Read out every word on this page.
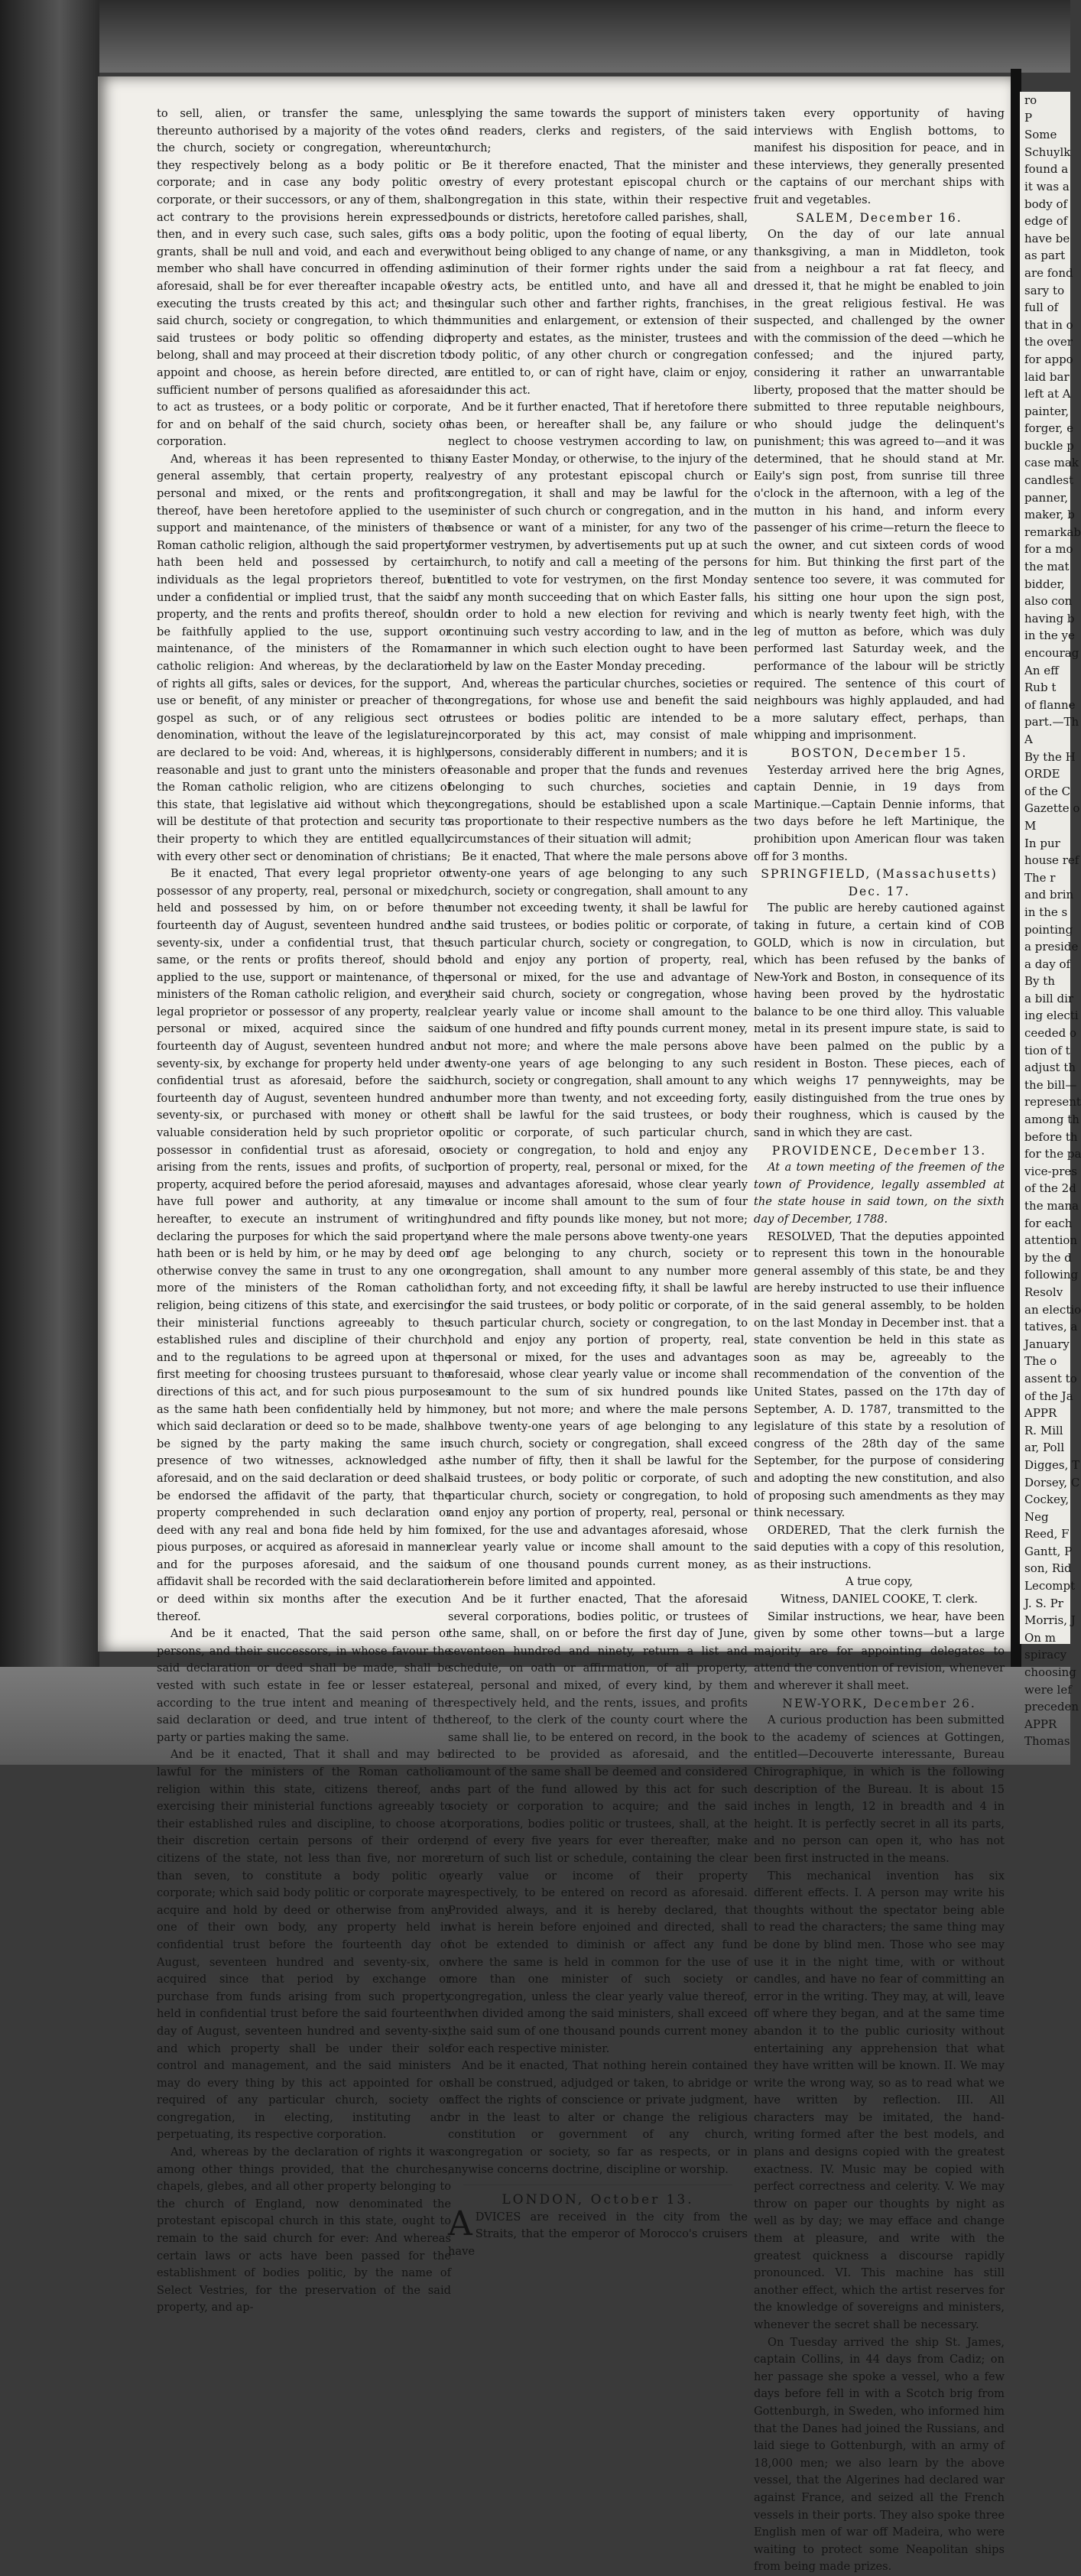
ro
P
Some
Schuylk
found a
it was a
body of
edge of
have be
as part
are fond
sary to
full of
that in o
the over
for appo
laid bar
left at A
painter,
forger, e
buckle p
case mak
candlest
panner,
maker, b
remarkab
for a mo
the mat
bidder,
also con
having b
in the ye
encourag
An eff
Rub t
of flanne
part.—Th
A
By the H
ORDE
of the C
Gazette o
M
In pur
house ref
The r
and brin
in the s
pointing
a preside
a day of
By th
a bill dir
ing electi
ceeded o
tion of t
adjust th
the bill—
represent
among th
before th
for the pa
vice-pres
of the 2d
the mana
for each
attention
by the d
following
Resolv
an electio
tatives, a
January
The o
assent to
of the Ja
APPR
R. Mill
ar, Poll
Digges, T
Dorsey, C
Cockey,
Neg
Reed, F
Gantt, P
son, Rid
Lecompt
J. S. Pr
Morris, J
On m
spiracy
choosing
were lef
preceden
APPR
Thomas

to sell, alien, or transfer the same, unless thereunto authorised by a majority of the votes of the church, society or congregation, whereunto they respectively belong as a body politic or corporate; and in case any body politic or corporate, or their successors, or any of them, shall act contrary to the provisions herein expressed, then, and in every such case, such sales, gifts or grants, shall be null and void, and each and every member who shall have concurred in offending as aforesaid, shall be for ever thereafter incapable of executing the trusts created by this act; and the said church, society or congregation, to which the said trustees or body politic so offending did belong, shall and may proceed at their discretion to appoint and choose, as herein before directed, a sufficient number of persons qualified as aforesaid to act as trustees, or a body politic or corporate, for and on behalf of the said church, society or corporation.

And, whereas it has been represented to this general assembly, that certain property, real, personal and mixed, or the rents and profits thereof, have been heretofore applied to the use, support and maintenance, of the ministers of the Roman catholic religion, although the said property hath been held and possessed by certain individuals as the legal proprietors thereof, but under a confidential or implied trust, that the said property, and the rents and profits thereof, should be faithfully applied to the use, support or maintenance, of the ministers of the Roman catholic religion: And whereas, by the declaration of rights all gifts, sales or devices, for the support, use or benefit, of any minister or preacher of the gospel as such, or of any religious sect or denomination, without the leave of the legislature, are declared to be void: And, whereas, it is highly reasonable and just to grant unto the ministers of the Roman catholic religion, who are citizens of this state, that legislative aid without which they will be destitute of that protection and security to their property to which they are entitled equally with every other sect or denomination of christians;

Be it enacted, That every legal proprietor or possessor of any property, real, personal or mixed, held and possessed by him, on or before the fourteenth day of August, seventeen hundred and seventy-six, under a confidential trust, that the same, or the rents or profits thereof, should be applied to the use, support or maintenance, of the ministers of the Roman catholic religion, and every legal proprietor or possessor of any property, real, personal or mixed, acquired since the said fourteenth day of August, seventeen hundred and seventy-six, by exchange for property held under a confidential trust as aforesaid, before the said fourteenth day of August, seventeen hundred and seventy-six, or purchased with money or other valuable consideration held by such proprietor or possessor in confidential trust as aforesaid, or arising from the rents, issues and profits, of such property, acquired before the period aforesaid, may have full power and authority, at any time hereafter, to execute an instrument of writing, declaring the purposes for which the said property hath been or is held by him, or he may by deed or otherwise convey the same in trust to any one or more of the ministers of the Roman catholic religion, being citizens of this state, and exercising their ministerial functions agreeably to the established rules and discipline of their church, and to the regulations to be agreed upon at the first meeting for choosing trustees pursuant to the directions of this act, and for such pious purposes as the same hath been confidentially held by him, which said declaration or deed so to be made, shall be signed by the party making the same in presence of two witnesses, acknowledged as aforesaid, and on the said declaration or deed shall be endorsed the affidavit of the party, that the property comprehended in such declaration or deed with any real and bona fide held by him for pious purposes, or acquired as aforesaid in manner and for the purposes aforesaid, and the said affidavit shall be recorded with the said declaration or deed within six months after the execution thereof.

And be it enacted, That the said person or persons, and their successors, in whose favour the said declaration or deed shall be made, shall be vested with such estate in fee or lesser estate, according to the true intent and meaning of the said declaration or deed, and true intent of the party or parties making the same.

And be it enacted, That it shall and may be lawful for the ministers of the Roman catholic religion within this state, citizens thereof, and exercising their ministerial functions agreeably to their established rules and discipline, to choose at their discretion certain persons of their order, citizens of the state, not less than five, nor more than seven, to constitute a body politic or corporate; which said body politic or corporate may acquire and hold by deed or otherwise from any one of their own body, any property held in confidential trust before the fourteenth day of August, seventeen hundred and seventy-six, or acquired since that period by exchange or purchase from funds arising from such property held in confidential trust before the said fourteenth day of August, seventeen hundred and seventy-six, and which property shall be under their sole control and management, and the said ministers may do every thing by this act appointed for or required of any particular church, society or congregation, in electing, instituting and perpetuating, its respective corporation.

And, whereas by the declaration of rights it was among other things provided, that the churches, chapels, glebes, and all other property belonging to the church of England, now denominated the protestant episcopal church in this state, ought to remain to the said church for ever: And whereas certain laws or acts have been passed for the establishment of bodies politic, by the name of Select Vestries, for the preservation of the said property, and ap-

plying the same towards the support of ministers and readers, clerks and registers, of the said church;

Be it therefore enacted, That the minister and vestry of every protestant episcopal church or congregation in this state, within their respective bounds or districts, heretofore called parishes, shall, as a body politic, upon the footing of equal liberty, without being obliged to any change of name, or any diminution of their former rights under the said vestry acts, be entitled unto, and have all and singular such other and farther rights, franchises, immunities and enlargement, or extension of their property and estates, as the minister, trustees and body politic, of any other church or congregation are entitled to, or can of right have, claim or enjoy, under this act.

And be it further enacted, That if heretofore there has been, or hereafter shall be, any failure or neglect to choose vestrymen according to law, on any Easter Monday, or otherwise, to the injury of the vestry of any protestant episcopal church or congregation, it shall and may be lawful for the minister of such church or congregation, and in the absence or want of a minister, for any two of the former vestrymen, by advertisements put up at such church, to notify and call a meeting of the persons entitled to vote for vestrymen, on the first Monday of any month succeeding that on which Easter falls, in order to hold a new election for reviving and continuing such vestry according to law, and in the manner in which such election ought to have been held by law on the Easter Monday preceding.

And, whereas the particular churches, societies or congregations, for whose use and benefit the said trustees or bodies politic are intended to be incorporated by this act, may consist of male persons, considerably different in numbers; and it is reasonable and proper that the funds and revenues belonging to such churches, societies and congregations, should be established upon a scale as proportionate to their respective numbers as the circumstances of their situation will admit;

Be it enacted, That where the male persons above twenty-one years of age belonging to any such church, society or congregation, shall amount to any number not exceeding twenty, it shall be lawful for the said trustees, or bodies politic or corporate, of such particular church, society or congregation, to hold and enjoy any portion of property, real, personal or mixed, for the use and advantage of their said church, society or congregation, whose clear yearly value or income shall amount to the sum of one hundred and fifty pounds current money, but not more; and where the male persons above twenty-one years of age belonging to any such church, society or congregation, shall amount to any number more than twenty, and not exceeding forty, it shall be lawful for the said trustees, or body politic or corporate, of such particular church, society or congregation, to hold and enjoy any portion of property, real, personal or mixed, for the uses and advantages aforesaid, whose clear yearly value or income shall amount to the sum of four hundred and fifty pounds like money, but not more; and where the male persons above twenty-one years of age belonging to any church, society or congregation, shall amount to any number more than forty, and not exceeding fifty, it shall be lawful for the said trustees, or body politic or corporate, of such particular church, society or congregation, to hold and enjoy any portion of property, real, personal or mixed, for the uses and advantages aforesaid, whose clear yearly value or income shall amount to the sum of six hundred pounds like money, but not more; and where the male persons above twenty-one years of age belonging to any such church, society or congregation, shall exceed the number of fifty, then it shall be lawful for the said trustees, or body politic or corporate, of such particular church, society or congregation, to hold and enjoy any portion of property, real, personal or mixed, for the use and advantages aforesaid, whose clear yearly value or income shall amount to the sum of one thousand pounds current money, as herein before limited and appointed.

And be it further enacted, That the aforesaid several corporations, bodies politic, or trustees of the same, shall, on or before the first day of June, seventeen hundred and ninety, return a list and schedule, on oath or affirmation, of all property, real, personal and mixed, of every kind, by them respectively held, and the rents, issues, and profits thereof, to the clerk of the county court where the same shall lie, to be entered on record, in the book directed to be provided as aforesaid, and the amount of the same shall be deemed and considered as part of the fund allowed by this act for such society or corporation to acquire; and the said corporations, bodies politic or trustees, shall, at the end of every five years for ever thereafter, make return of such list or schedule, containing the clear yearly value or income of their property respectively, to be entered on record as aforesaid. Provided always, and it is hereby declared, that what is herein before enjoined and directed, shall not be extended to diminish or affect any fund where the same is held in common for the use of more than one minister of such society or congregation, unless the clear yearly value thereof, when divided among the said ministers, shall exceed the said sum of one thousand pounds current money for each respective minister.

And be it enacted, That nothing herein contained shall be construed, adjudged or taken, to abridge or affect the rights of conscience or private judgment, or in the least to alter or change the religious constitution or government of any church, congregation or society, so far as respects, or in anywise concerns doctrine, discipline or worship.

LONDON, October 13.

ADVICES are received in the city from the Straits, that the emperor of Morocco's cruisers have

taken every opportunity of having interviews with English bottoms, to manifest his disposition for peace, and in these interviews, they generally presented the captains of our merchant ships with fruit and vegetables.

SALEM, December 16.

On the day of our late annual thanksgiving, a man in Middleton, took from a neighbour a rat fat fleecy, and dressed it, that he might be enabled to join in the great religious festival. He was suspected, and challenged by the owner with the commission of the deed —which he confessed; and the injured party, considering it rather an unwarrantable liberty, proposed that the matter should be submitted to three reputable neighbours, who should judge the delinquent's punishment; this was agreed to—and it was determined, that he should stand at Mr. Eaily's sign post, from sunrise till three o'clock in the afternoon, with a leg of the mutton in his hand, and inform every passenger of his crime—return the fleece to the owner, and cut sixteen cords of wood for him. But thinking the first part of the sentence too severe, it was commuted for his sitting one hour upon the sign post, which is nearly twenty feet high, with the leg of mutton as before, which was duly performed last Saturday week, and the performance of the labour will be strictly required. The sentence of this court of neighbours was highly applauded, and had a more salutary effect, perhaps, than whipping and imprisonment.

BOSTON, December 15.

Yesterday arrived here the brig Agnes, captain Dennie, in 19 days from Martinique.—Captain Dennie informs, that two days before he left Martinique, the prohibition upon American flour was taken off for 3 months.

SPRINGFIELD, (Massachusetts) Dec. 17.

The public are hereby cautioned against taking in future, a certain kind of COB GOLD, which is now in circulation, but which has been refused by the banks of New-York and Boston, in consequence of its having been proved by the hydrostatic balance to be one third alloy. This valuable metal in its present impure state, is said to have been palmed on the public by a resident in Boston. These pieces, each of which weighs 17 pennyweights, may be easily distinguished from the true ones by their roughness, which is caused by the sand in which they are cast.

PROVIDENCE, December 13.

At a town meeting of the freemen of the town of Providence, legally assembled at the state house in said town, on the sixth day of December, 1788.

RESOLVED, That the deputies appointed to represent this town in the honourable general assembly of this state, be and they are hereby instructed to use their influence in the said general assembly, to be holden on the last Monday in December inst. that a state convention be held in this state as soon as may be, agreeably to the recommendation of the convention of the United States, passed on the 17th day of September, A. D. 1787, transmitted to the legislature of this state by a resolution of congress of the 28th day of the same September, for the purpose of considering and adopting the new constitution, and also of proposing such amendments as they may think necessary.

ORDERED, That the clerk furnish the said deputies with a copy of this resolution, as their instructions.

A true copy,

Witness, DANIEL COOKE, T. clerk.

Similar instructions, we hear, have been given by some other towns—but a large majority are for appointing delegates to attend the convention of revision, whenever and wherever it shall meet.

NEW-YORK, December 26.

A curious production has been submitted to the academy of sciences at Gottingen, entitled—Decouverte interessante, Bureau Chirographique, in which is the following description of the Bureau. It is about 15 inches in length, 12 in breadth and 4 in height. It is perfectly secret in all its parts, and no person can open it, who has not been first instructed in the means.

This mechanical invention has six different effects. I. A person may write his thoughts without the spectator being able to read the characters; the same thing may be done by blind men. Those who see may use it in the night time, with or without candles, and have no fear of committing an error in the writing. They may, at will, leave off where they began, and at the same time abandon it to the public curiosity without entertaining any apprehension that what they have written will be known. II. We may write the wrong way, so as to read what we have written by reflection. III. All characters may be imitated, the hand-writing formed after the best models, and plans and designs copied with the greatest exactness. IV. Music may be copied with perfect correctness and celerity. V. We may throw on paper our thoughts by night as well as by day; we may efface and change them at pleasure, and write with the greatest quickness a discourse rapidly pronounced. VI. This machine has still another effect, which the artist reserves for the knowledge of sovereigns and ministers, whenever the secret shall be necessary.

On Tuesday arrived the ship St. James, captain Collins, in 44 days from Cadiz; on her passage she spoke a vessel, who a few days before fell in with a Scotch brig from Gottenburgh, in Sweden, who informed him that the Danes had joined the Russians, and laid siege to Gottenburgh, with an army of 18,000 men; we also learn by the above vessel, that the Algerines had declared war against France, and seized all the French vessels in their ports. They also spoke three English men of war off Madeira, who were waiting to protect some Neapolitan ships from being made prizes.
